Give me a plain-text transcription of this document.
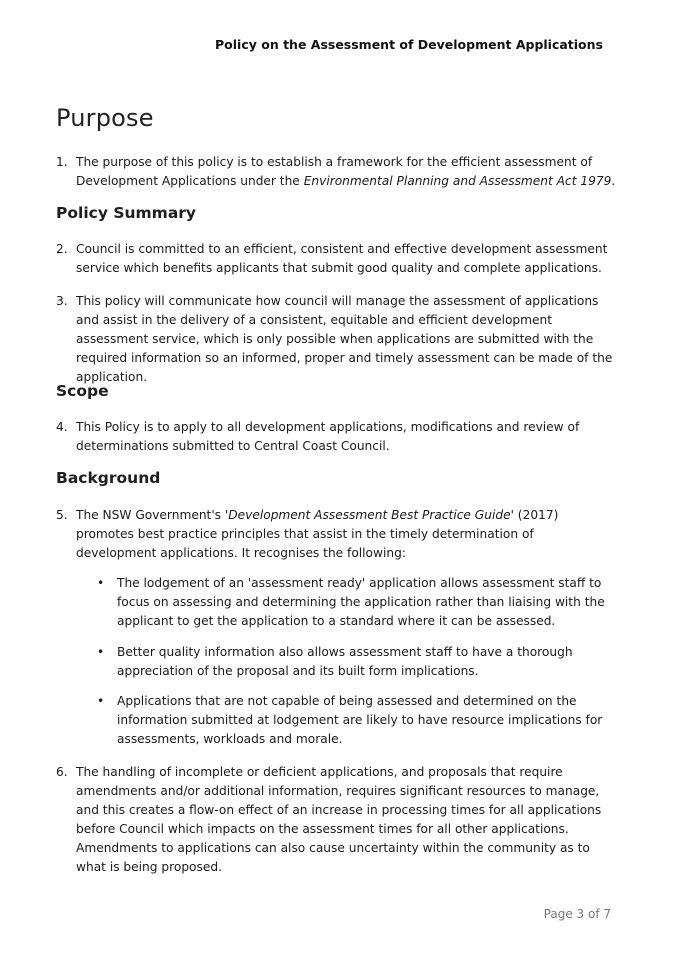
Policy on the Assessment of Development Applications
Purpose
1. The purpose of this policy is to establish a framework for the efficient assessment of Development Applications under the Environmental Planning and Assessment Act 1979.
Policy Summary
2. Council is committed to an efficient, consistent and effective development assessment service which benefits applicants that submit good quality and complete applications.
3. This policy will communicate how council will manage the assessment of applications and assist in the delivery of a consistent, equitable and efficient development assessment service, which is only possible when applications are submitted with the required information so an informed, proper and timely assessment can be made of the application.
Scope
4. This Policy is to apply to all development applications, modifications and review of determinations submitted to Central Coast Council.
Background
5. The NSW Government's 'Development Assessment Best Practice Guide' (2017) promotes best practice principles that assist in the timely determination of development applications. It recognises the following:
• The lodgement of an 'assessment ready' application allows assessment staff to focus on assessing and determining the application rather than liaising with the applicant to get the application to a standard where it can be assessed.
• Better quality information also allows assessment staff to have a thorough appreciation of the proposal and its built form implications.
• Applications that are not capable of being assessed and determined on the information submitted at lodgement are likely to have resource implications for assessments, workloads and morale.
6. The handling of incomplete or deficient applications, and proposals that require amendments and/or additional information, requires significant resources to manage, and this creates a flow-on effect of an increase in processing times for all applications before Council which impacts on the assessment times for all other applications. Amendments to applications can also cause uncertainty within the community as to what is being proposed.
Page 3 of 7
